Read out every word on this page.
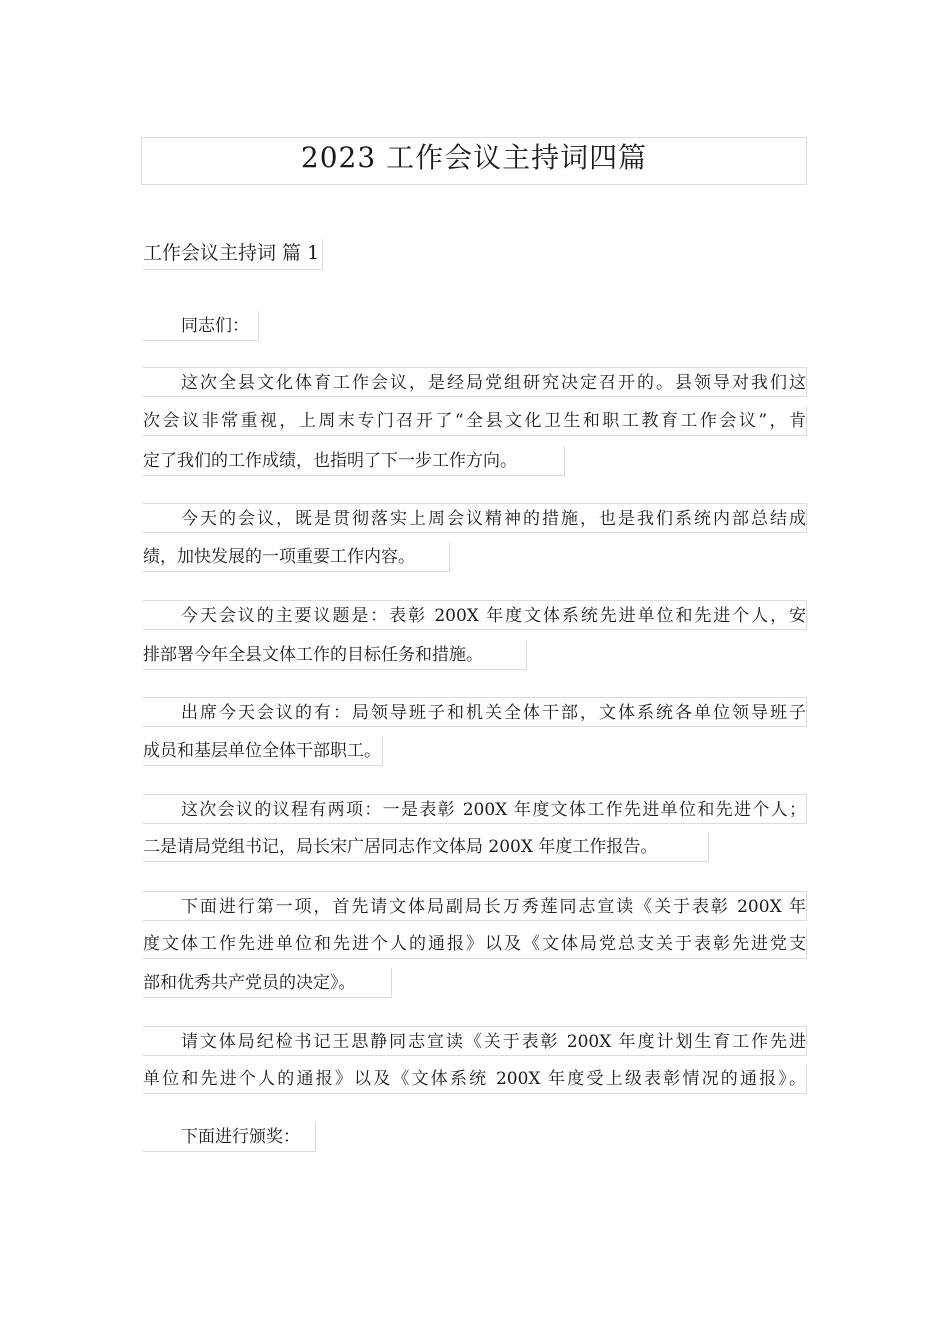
2023 工作会议主持词四篇
工作会议主持词 篇 1
同志们：
这次全县文化体育工作会议，是经局党组研究决定召开的。县领导对我们这
次会议非常重视，上周末专门召开了“全县文化卫生和职工教育工作会议”，肯
定了我们的工作成绩，也指明了下一步工作方向。
今天的会议，既是贯彻落实上周会议精神的措施，也是我们系统内部总结成
绩，加快发展的一项重要工作内容。
今天会议的主要议题是：表彰 200X 年度文体系统先进单位和先进个人，安
排部署今年全县文体工作的目标任务和措施。
出席今天会议的有：局领导班子和机关全体干部，文体系统各单位领导班子
成员和基层单位全体干部职工。
这次会议的议程有两项：一是表彰 200X 年度文体工作先进单位和先进个人；
二是请局党组书记，局长宋广居同志作文体局 200X 年度工作报告。
下面进行第一项，首先请文体局副局长万秀莲同志宣读《关于表彰 200X 年
度文体工作先进单位和先进个人的通报》以及《文体局党总支关于表彰先进党支
部和优秀共产党员的决定》。
请文体局纪检书记王思静同志宣读《关于表彰 200X 年度计划生育工作先进
单位和先进个人的通报》以及《文体系统 200X 年度受上级表彰情况的通报》。
下面进行颁奖：
